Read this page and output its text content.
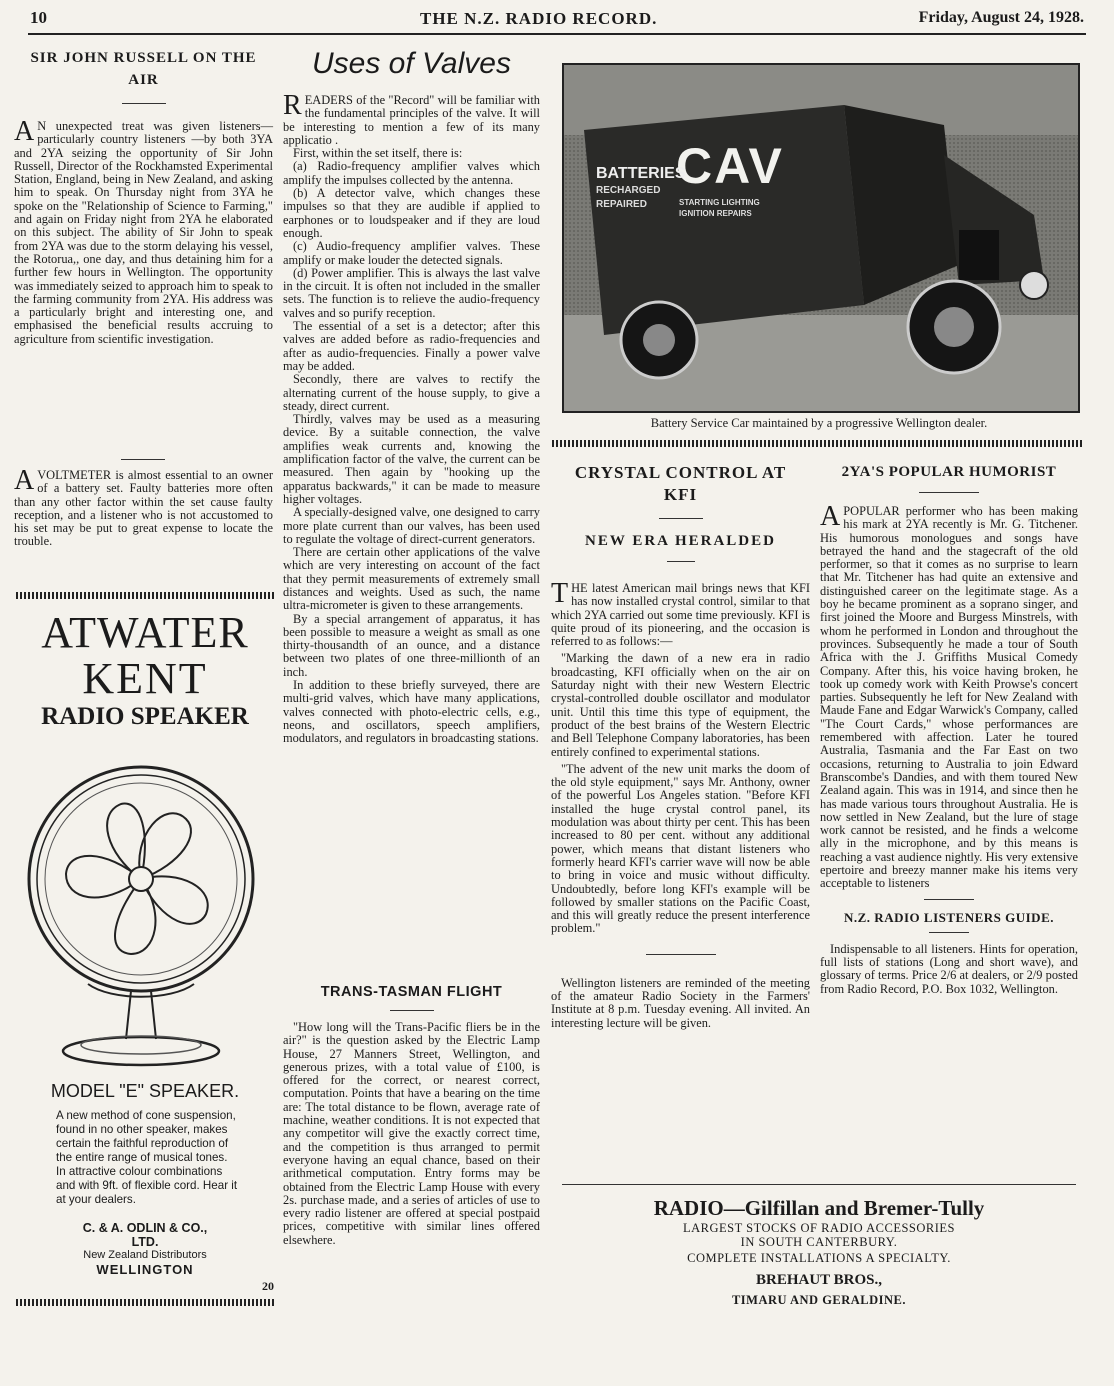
10	THE N.Z. RADIO RECORD.	Friday, August 24, 1928.
SIR JOHN RUSSELL ON THE AIR

A N unexpected treat was given listeners—particularly country listeners —by both 3YA and 2YA seizing the opportunity of Sir John Russell, Director of the Rockhamsted Experimental Station, England, being in New Zealand, and asking him to speak. On Thursday night from 3YA he spoke on the "Relationship of Science to Farming," and again on Friday night from 2YA he elaborated on this subject. The ability of Sir John to speak from 2YA was due to the storm delaying his vessel, the Rotorua,, one day, and thus detaining him for a further few hours in Wellington. The opportunity was immediately seized to approach him to speak to the farming community from 2YA. His address was a particularly bright and interesting one, and emphasised the beneficial results accruing to agriculture from scientific investigation.

AVOLTMETER is almost essential to an owner of a battery set. Faulty batteries more often than any other factor within the set cause faulty reception, and a listener who is not accustomed to his set may be put to great expense to locate the trouble.

ATWATER
KENT
RADIO SPEAKER
MODEL "E" SPEAKER.
A new method of cone suspension, found in no other speaker, makes certain the faithful reproduction of the entire range of musical tones. In attractive colour combinations and with 9ft. of flexible cord. Hear it at your dealers.
C. & A. ODLIN & CO., LTD.
New Zealand Distributors
WELLINGTON
20
Uses of Valves

READERS of the "Record" will be familiar with the fundamental principles of the valve. It will be interesting to mention a few of its many applicatio .

First, within the set itself, there is:

(a) Radio-frequency amplifier valves which amplify the impulses collected by the antenna.

(b) A detector valve, which changes these impulses so that they are audible if applied to earphones or to loudspeaker and if they are loud enough.

(c) Audio-frequency amplifier valves. These amplify or make louder the detected signals.

(d) Power amplifier. This is always the last valve in the circuit. It is often not included in the smaller sets. The function is to relieve the audio-frequency valves and so purify reception.

The essential of a set is a detector; after this valves are added before as radio-frequencies and after as audio-frequencies. Finally a power valve may be added.

Secondly, there are valves to rectify the alternating current of the house supply, to give a steady, direct current.

Thirdly, valves may be used as a measuring device. By a suitable connection, the valve amplifies weak currents and, knowing the amplification factor of the valve, the current can be measured. Then again by "hooking up the apparatus backwards," it can be made to measure higher voltages.

A specially-designed valve, one designed to carry more plate current than our valves, has been used to regulate the voltage of direct-current generators.

There are certain other applications of the valve which are very interesting on account of the fact that they permit measurements of extremely small distances and weights. Used as such, the name ultra-micrometer is given to these arrangements.

By a special arrangement of apparatus, it has been possible to measure a weight as small as one thirty-thousandth of an ounce, and a distance between two plates of one three-millionth of an inch.

In addition to these briefly surveyed, there are multi-grid valves, which have many applications, valves connected with photo-electric cells, e.g., neons, and oscillators, speech amplifiers, modulators, and regulators in broadcasting stations.

TRANS-TASMAN FLIGHT

"How long will the Trans-Pacific fliers be in the air?" is the question asked by the Electric Lamp House, 27 Manners Street, Wellington, and generous prizes, with a total value of £100, is offered for the correct, or nearest correct, computation. Points that have a bearing on the time are: The total distance to be flown, average rate of machine, weather conditions. It is not expected that any competitor will give the exactly correct time, and the competition is thus arranged to permit everyone having an equal chance, based on their arithmetical computation. Entry forms may be obtained from the Electric Lamp House with every 2s. purchase made, and a series of articles of use to every radio listener are offered at special postpaid prices, competitive with similar lines offered elsewhere.

CAV
BATTERIES
RECHARGED
REPAIRED	STARTING LIGHTING
IGNITION REPAIRS
Battery Service Car maintained by a progressive Wellington dealer.
CRYSTAL CONTROL AT KFI
NEW ERA HERALDED

THE latest American mail brings news that KFI has now installed crystal control, similar to that which 2YA carried out some time previously. KFI is quite proud of its pioneering, and the occasion is referred to as follows:—

"Marking the dawn of a new era in radio broadcasting, KFI officially when on the air on Saturday night with their new Western Electric crystal-controlled double oscillator and modulator unit. Until this time this type of equipment, the product of the best brains of the Western Electric and Bell Telephone Company laboratories, has been entirely confined to experimental stations.

"The advent of the new unit marks the doom of the old style equipment," says Mr. Anthony, owner of the powerful Los Angeles station. "Before KFI installed the huge crystal control panel, its modulation was about thirty per cent. This has been increased to 80 per cent. without any additional power, which means that distant listeners who formerly heard KFI's carrier wave will now be able to bring in voice and music without difficulty. Undoubtedly, before long KFI's example will be followed by smaller stations on the Pacific Coast, and this will greatly reduce the present interference problem."

Wellington listeners are reminded of the meeting of the amateur Radio Society in the Farmers' Institute at 8 p.m. Tuesday evening. All invited. An interesting lecture will be given.

2YA'S POPULAR HUMORIST

APOPULAR performer who has been making his mark at 2YA recently is Mr. G. Titchener. His humorous monologues and songs have betrayed the hand and the stagecraft of the old performer, so that it comes as no surprise to learn that Mr. Titchener has had quite an extensive and distinguished career on the legitimate stage. As a boy he became prominent as a soprano singer, and first joined the Moore and Burgess Minstrels, with whom he performed in London and throughout the provinces. Subsequently he made a tour of South Africa with the J. Griffiths Musical Comedy Company. After this, his voice having broken, he took up comedy work with Keith Prowse's concert parties. Subsequently he left for New Zealand with Maude Fane and Edgar Warwick's Company, called "The Court Cards," whose performances are remembered with affection. Later he toured Australia, Tasmania and the Far East on two occasions, returning to Australia to join Edward Branscombe's Dandies, and with them toured New Zealand again. This was in 1914, and since then he has made various tours throughout Australia. He is now settled in New Zealand, but the lure of stage work cannot be resisted, and he finds a welcome ally in the microphone, and by this means is reaching a vast audience nightly. His very extensive epertoire and breezy manner make his items very acceptable to listeners

N.Z. RADIO LISTENERS GUIDE.

Indispensable to all listeners. Hints for operation, full lists of stations (Long and short wave), and glossary of terms. Price 2/6 at dealers, or 2/9 posted from Radio Record, P.O. Box 1032, Wellington.

RADIO—Gilfillan and Bremer-Tully
LARGEST STOCKS OF RADIO ACCESSORIES IN SOUTH CANTERBURY.
COMPLETE INSTALLATIONS A SPECIALTY.
BREHAUT BROS.,
TIMARU AND GERALDINE.
